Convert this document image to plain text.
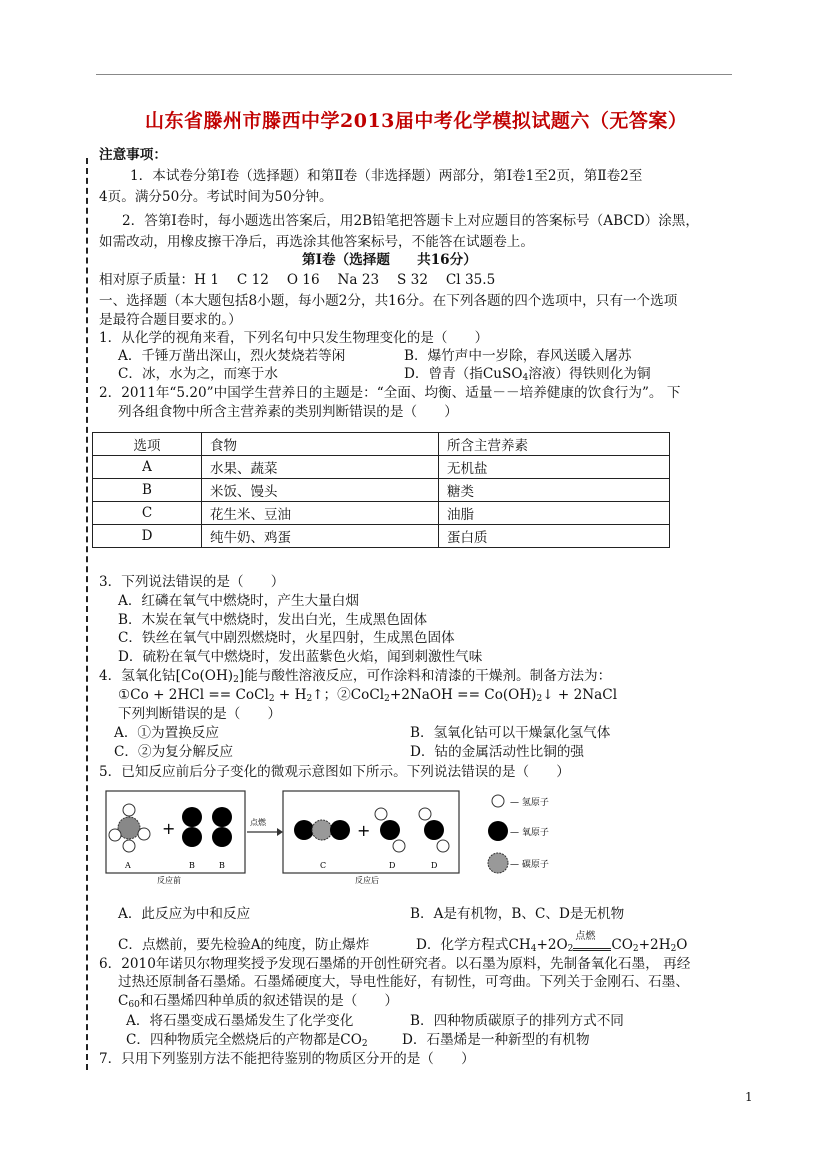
山东省滕州市滕西中学2013届中考化学模拟试题六（无答案）
注意事项：
1．本试卷分第Ⅰ卷（选择题）和第Ⅱ卷（非选择题）两部分，第Ⅰ卷1至2页，第Ⅱ卷2至
4页。满分50分。考试时间为50分钟。
2．答第Ⅰ卷时，每小题选出答案后，用2B铅笔把答题卡上对应题目的答案标号（ABCD）涂黑，
如需改动，用橡皮擦干净后，再选涂其他答案标号，不能答在试题卷上。
第Ⅰ卷（选择题　　共16分）
相对原子质量：H 1　 C 12　 O 16　 Na 23　 S 32　 Cl 35.5
一、选择题（本大题包括8小题，每小题2分，共16分。在下列各题的四个选项中，只有一个选项
是最符合题目要求的。）
1．从化学的视角来看，下列名句中只发生物理变化的是（　　）
A．千锤万凿出深山，烈火焚烧若等闲	B．爆竹声中一岁除，春风送暖入屠苏
C．冰，水为之，而寒于水	D．曾青（指CuSO$_4$溶液）得铁则化为铜
2．2011年“5.20”中国学生营养日的主题是：“全面、均衡、适量－－培养健康的饮食行为”。 下
列各组食物中所含主营养素的类别判断错误的是（　　）
选项	食物	所含主营养素
A	水果、蔬菜	无机盐
B	米饭、馒头	糖类
C	花生米、豆油	油脂
D	纯牛奶、鸡蛋	蛋白质
3．下列说法错误的是（　　）
A．红磷在氧气中燃烧时，产生大量白烟
B．木炭在氧气中燃烧时，发出白光，生成黑色固体
C．铁丝在氧气中剧烈燃烧时，火星四射，生成黑色固体
D．硫粉在氧气中燃烧时，发出蓝紫色火焰，闻到刺激性气味
4．氢氧化钴$[Co(OH)_2]$能与酸性溶液反应，可作涂料和清漆的干燥剂。制备方法为：
①Co + 2HCl == CoCl$_2$ + $H_2↑$；②CoCl$_2$+2NaOH == $Co(OH)_2↓$ + 2NaCl
下列判断错误的是（　　）
A．①为置换反应	B．氢氧化钴可以干燥氯化氢气体
C．②为复分解反应	D．钴的金属活动性比铜的强
5．已知反应前后分子变化的微观示意图如下所示。下列说法错误的是（　　）
+
A	B	B
反应前
点燃	+
C	D	D
反应后
— 氢原子
— 氧原子
— 碳原子
A．此反应为中和反应	B．A是有机物，B、C、D是无机物
C．点燃前，要先检验A的纯度，防止爆炸	D．化学方程式$CH_4+2O_2$
点燃
$CO_2+2H_2O$
6．2010年诺贝尔物理奖授予发现石墨烯的开创性研究者。以石墨为原料，先制备氧化石墨， 再经
过热还原制备石墨烯。石墨烯硬度大，导电性能好，有韧性，可弯曲。下列关于金刚石、石墨、
$C_{60}$和石墨烯四种单质的叙述错误的是（　　）
A．将石墨变成石墨烯发生了化学变化	B．四种物质碳原子的排列方式不同
C．四种物质完全燃烧后的产物都是$CO_2$	D．石墨烯是一种新型的有机物
7．只用下列鉴别方法不能把待鉴别的物质区分开的是（　　）
1
